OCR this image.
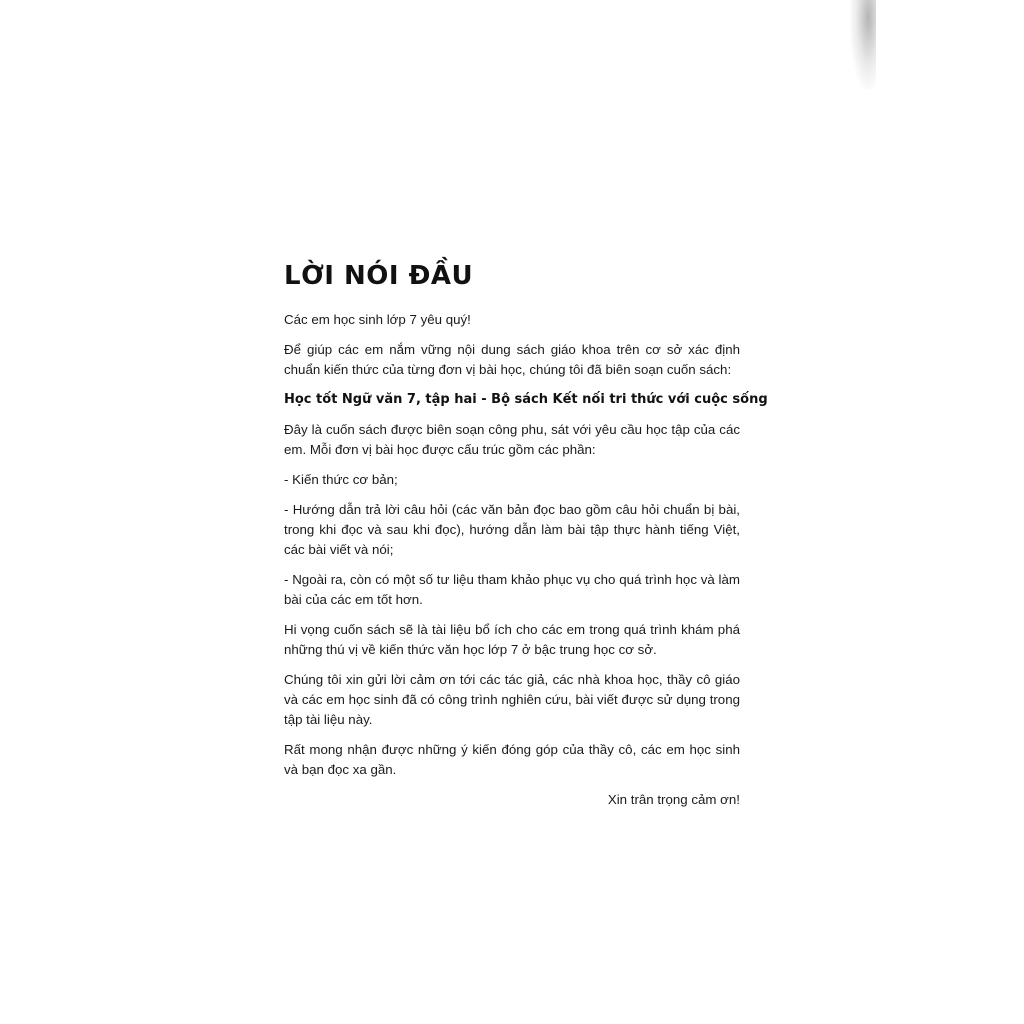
LỜI NÓI ĐẦU

Các em học sinh lớp 7 yêu quý!

Để giúp các em nắm vững nội dung sách giáo khoa trên cơ sở xác định chuẩn kiến thức của từng đơn vị bài học, chúng tôi đã biên soạn cuốn sách:

Học tốt Ngữ văn 7, tập hai - Bộ sách Kết nối tri thức với cuộc sống

Đây là cuốn sách được biên soạn công phu, sát với yêu cầu học tập của các em. Mỗi đơn vị bài học được cấu trúc gồm các phần:

- Kiến thức cơ bản;

- Hướng dẫn trả lời câu hỏi (các văn bản đọc bao gồm câu hỏi chuẩn bị bài, trong khi đọc và sau khi đọc), hướng dẫn làm bài tập thực hành tiếng Việt, các bài viết và nói;

- Ngoài ra, còn có một số tư liệu tham khảo phục vụ cho quá trình học và làm bài của các em tốt hơn.

Hi vọng cuốn sách sẽ là tài liệu bổ ích cho các em trong quá trình khám phá những thú vị về kiến thức văn học lớp 7 ở bậc trung học cơ sở.

Chúng tôi xin gửi lời cảm ơn tới các tác giả, các nhà khoa học, thầy cô giáo và các em học sinh đã có công trình nghiên cứu, bài viết được sử dụng trong tập tài liệu này.

Rất mong nhận được những ý kiến đóng góp của thầy cô, các em học sinh và bạn đọc xa gần.

Xin trân trọng cảm ơn!
